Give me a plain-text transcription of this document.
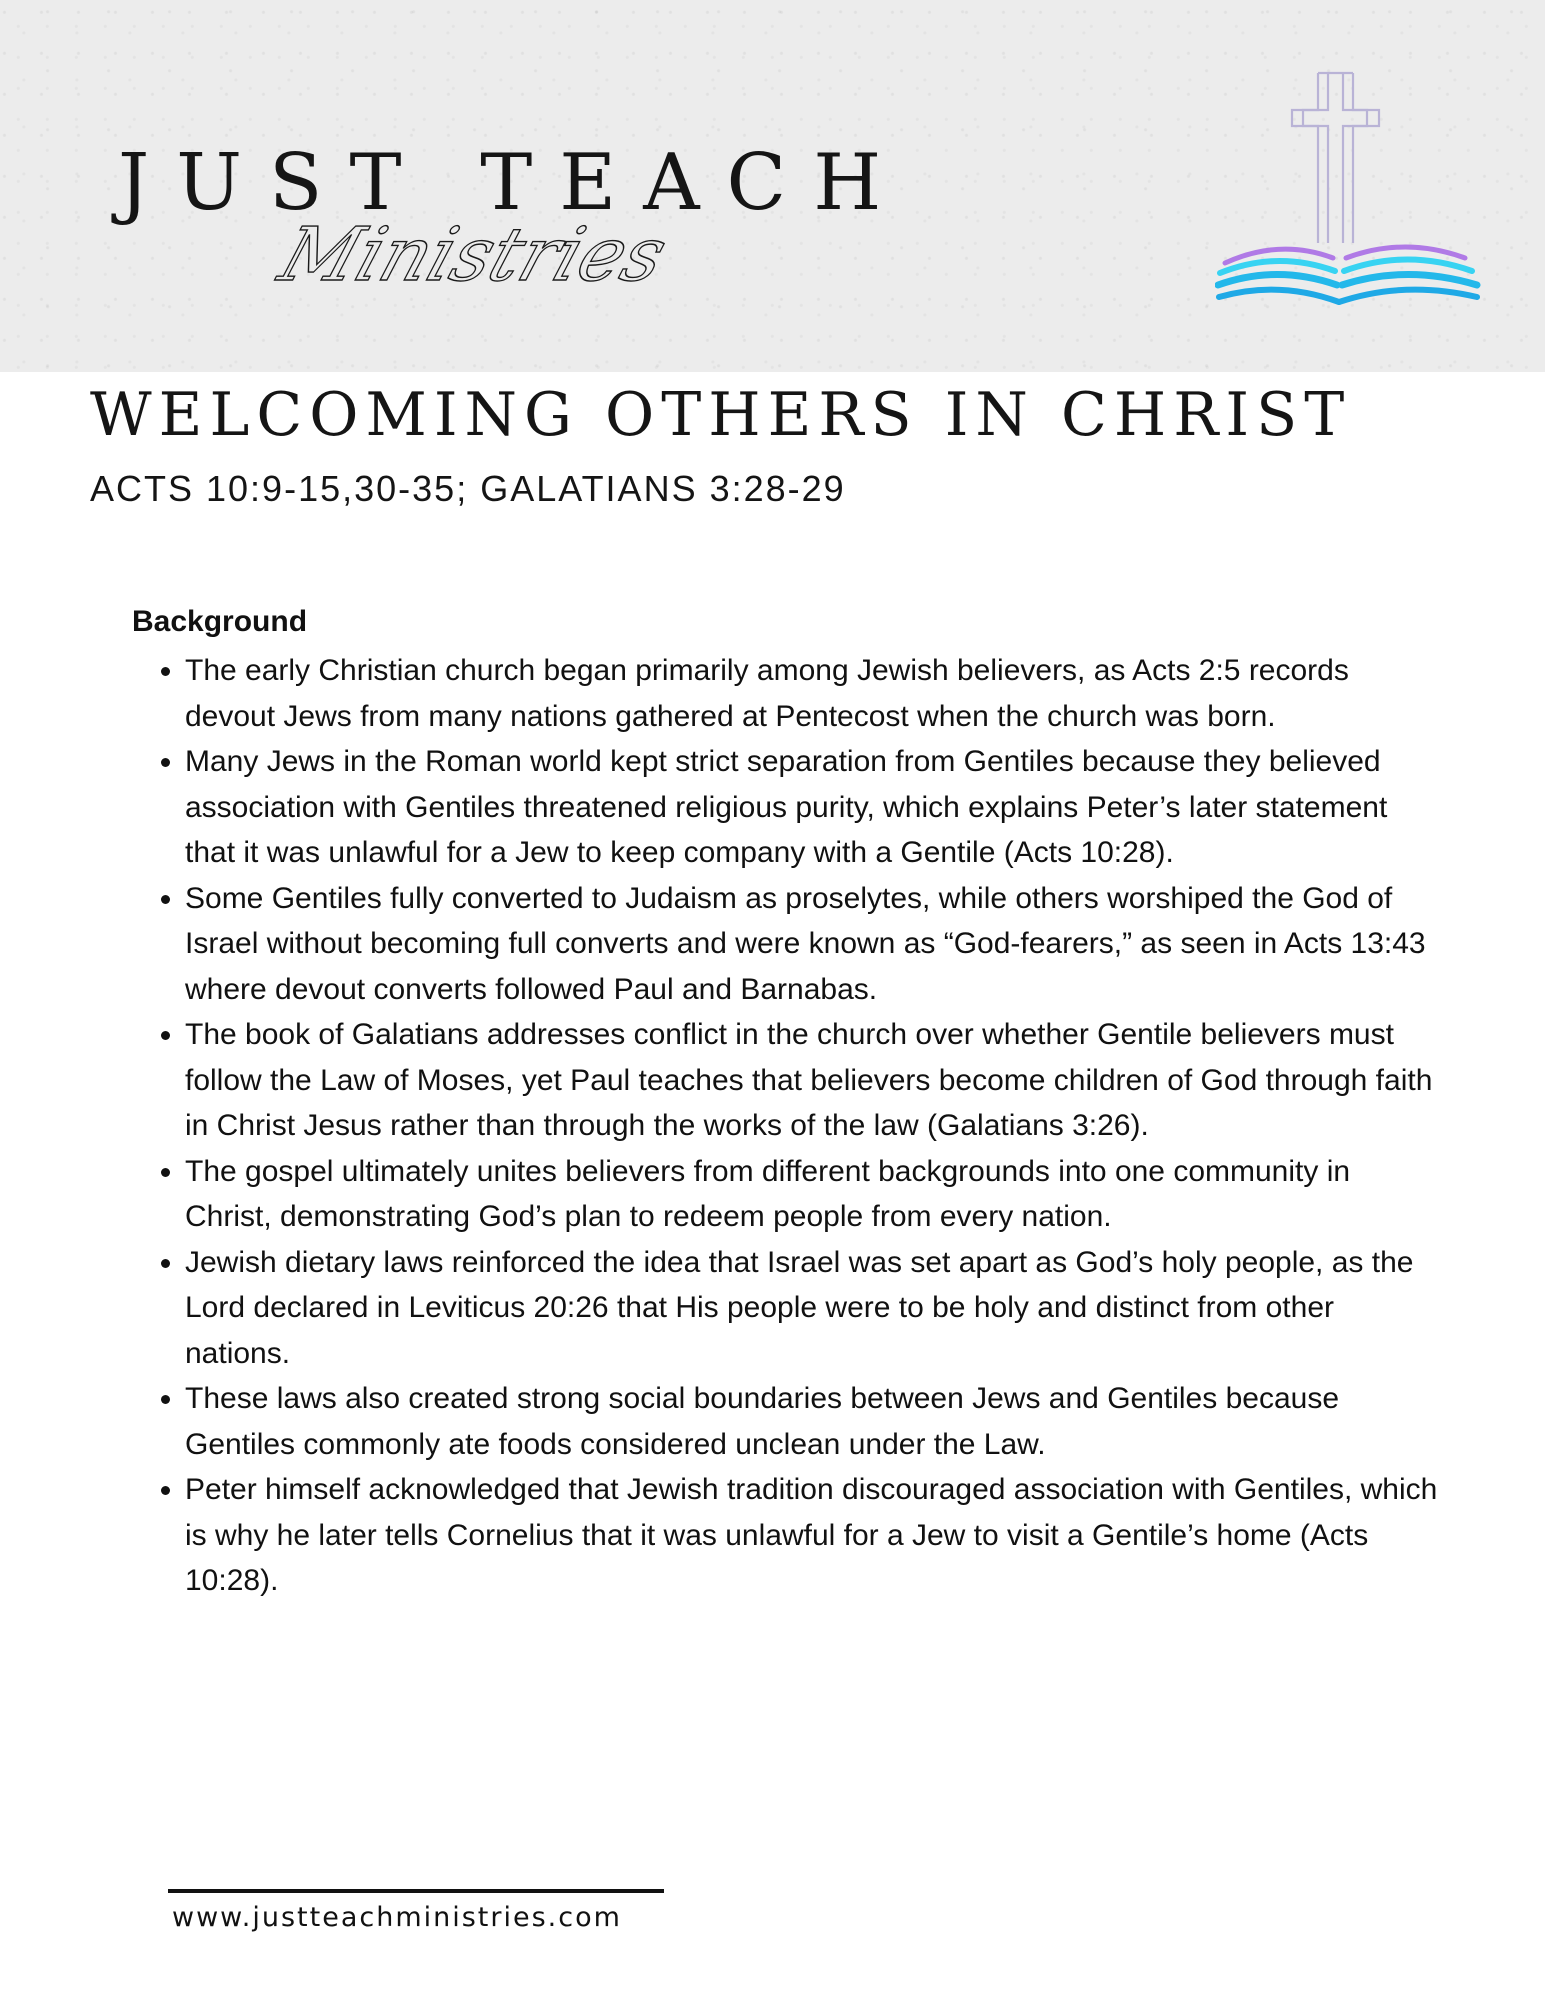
JUST TEACH
Ministries
WELCOMING OTHERS IN CHRIST
ACTS 10:9-15,30-35; GALATIANS 3:28-29
Background
• The early Christian church began primarily among Jewish believers, as Acts 2:5 records devout Jews from many nations gathered at Pentecost when the church was born.
• Many Jews in the Roman world kept strict separation from Gentiles because they believed association with Gentiles threatened religious purity, which explains Peter’s later statement that it was unlawful for a Jew to keep company with a Gentile (Acts 10:28).
• Some Gentiles fully converted to Judaism as proselytes, while others worshiped the God of Israel without becoming full converts and were known as “God-fearers,” as seen in Acts 13:43 where devout converts followed Paul and Barnabas.
• The book of Galatians addresses conflict in the church over whether Gentile believers must follow the Law of Moses, yet Paul teaches that believers become children of God through faith in Christ Jesus rather than through the works of the law (Galatians 3:26).
• The gospel ultimately unites believers from different backgrounds into one community in Christ, demonstrating God’s plan to redeem people from every nation.
• Jewish dietary laws reinforced the idea that Israel was set apart as God’s holy people, as the Lord declared in Leviticus 20:26 that His people were to be holy and distinct from other nations.
• These laws also created strong social boundaries between Jews and Gentiles because Gentiles commonly ate foods considered unclean under the Law.
• Peter himself acknowledged that Jewish tradition discouraged association with Gentiles, which is why he later tells Cornelius that it was unlawful for a Jew to visit a Gentile’s home (Acts 10:28).
www.justteachministries.com
